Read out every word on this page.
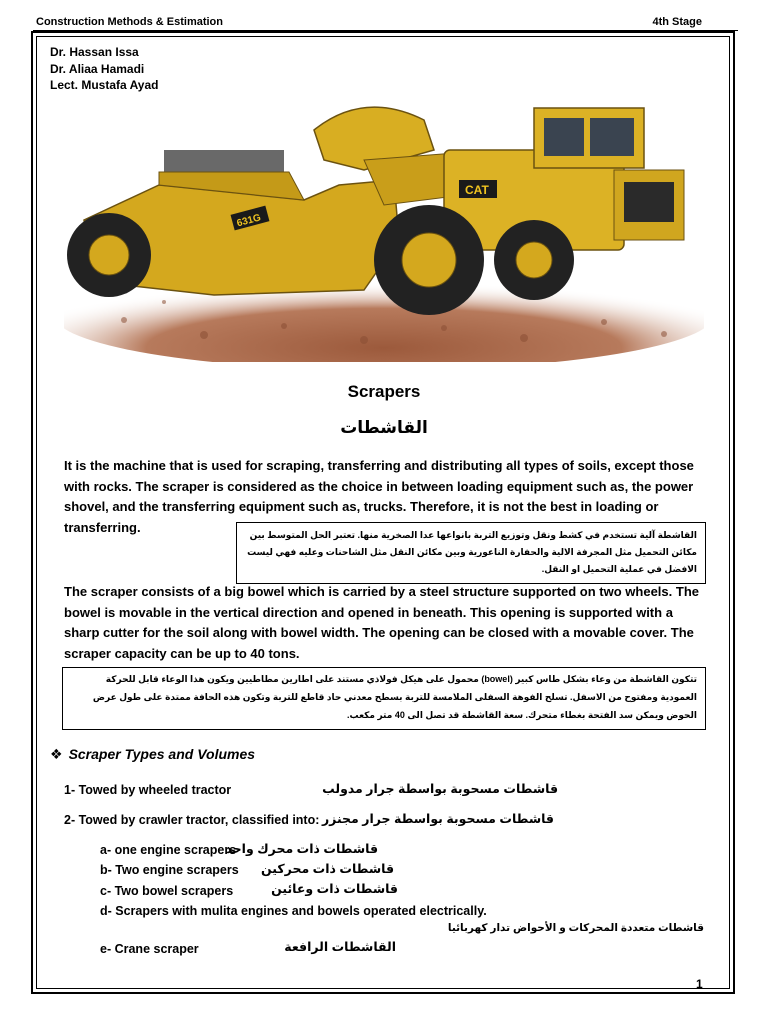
Construction Methods & Estimation	4th Stage
Dr. Hassan Issa
Dr. Aliaa Hamadi
Lect. Mustafa Ayad
CAT
631G
Scrapers
القاشطات
It is the machine that is used for scraping, transferring and distributing all types of soils, except those with rocks. The scraper is considered as the choice in between loading equipment such as, the power shovel, and the transferring equipment such as, trucks. Therefore, it is not the best in loading or transferring.
القاشطة آلية تستخدم في كشط ونقل وتوزيع التربة بانواعها عدا الصخرية منها. تعتبر الحل المتوسط بين مكائن التحميل مثل المجرفة الالية والحفارة الناعورية وبين مكائن النقل مثل الشاحنات وعليه فهي ليست الافضل في عملية التحميل او النقل.
The scraper consists of a big bowel which is carried by a steel structure supported on two wheels. The bowel is movable in the vertical direction and opened in beneath. This opening is supported with a sharp cutter for the soil along with bowel width. The opening can be closed with a movable cover. The scraper capacity can be up to 40 tons.
تتكون القاشطة من وعاء بشكل طاس كبير (bowel) محمول على هيكل فولاذي مستند على اطارين مطاطيين ويكون هذا الوعاء قابل للحركة العمودية ومفتوح من الاسفل. تسلح الفوهة السفلى الملامسة للتربة بسطح معدني حاد قاطع للتربة وتكون هذه الحافة ممتدة على طول عرض الحوض ويمكن سد الفتحة بغطاء متحرك. سعة القاشطة قد تصل الى 40 متر مكعب.
❖ Scraper Types and Volumes
1- Towed by wheeled tractor	قاشطات مسحوبة بواسطة جرار مدولب
2- Towed by crawler tractor, classified into: قاشطات مسحوبة بواسطة جرار مجنزر
a- one engine scrapers
قاشطات ذات محرك واحد
b- Two engine scrapers قاشطات ذات محركين
c- Two bowel scrapers	قاشطات ذات وعائين
d- Scrapers with mulita engines and bowels operated electrically.
قاشطات متعددة المحركات و الأحواض تدار كهربائيا
e- Crane scraper	القاشطات الرافعة
1
